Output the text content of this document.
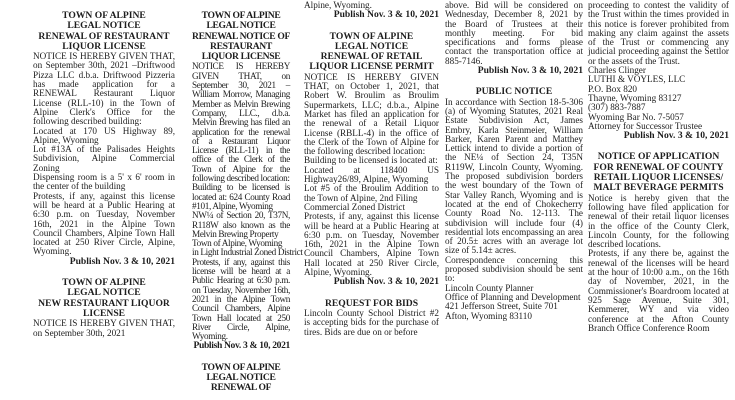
TOWN OF ALPINE
LEGAL NOTICE
RENEWAL OF RESTAURANT LIQUOR LICENSE
NOTICE IS HEREBY GIVEN THAT, on September 30th, 2021 –Driftwood Pizza LLC d.b.a. Driftwood Pizzeria has made application for a RENEWAL Restaurant Liquor License (RLL-10) in the Town of Alpine Clerk's Office for the following described building:
Located at 170 US Highway 89, Alpine, Wyoming
Lot #13A of the Palisades Heights Subdivision, Alpine Commercial Zoning
Dispensing room is a 5' x 6' room in the center of the building
Protests, if any, against this license will be heard at a Public Hearing at 6:30 p.m. on Tuesday, November 16th, 2021 in the Alpine Town Council Chambers, Alpine Town Hall located at 250 River Circle, Alpine, Wyoming.
Publish Nov. 3 & 10, 2021
TOWN OF ALPINE
LEGAL NOTICE
NEW RESTAURANT LIQUOR LICENSE
NOTICE IS HEREBY GIVEN THAT, on September 30th, 2021
TOWN OF ALPINE
LEGAL NOTICE
RENEWAL NOTICE OF RESTAURANT LIQUOR LICENSE
NOTICE IS HEREBY GIVEN THAT, on September 30, 2021 – William Morrow, Managing Member as Melvin Brewing Company, LLC., d.b.a. Melvin Brewing has filed an application for the renewal of a Restaurant Liquor License (RLL-11) in the office of the Clerk of the Town of Alpine for the following described location:
Building to be licensed is located at: 624 County Road #101, Alpine, Wyoming
NW¼ of Section 20, T37N, R118W also known as the Melvin Brewing Property
Town of Alpine, Wyoming
in Light Industrial Zoned District
Protests, if any, against this license will be heard at a Public Hearing at 6:30 p.m. on Tuesday, November 16th, 2021 in the Alpine Town Council Chambers, Alpine Town Hall located at 250 River Circle, Alpine, Wyoming.
Publish Nov. 3 & 10, 2021
TOWN OF ALPINE
LEGAL NOTICE
RENEWAL OF
Alpine, Wyoming.
Publish Nov. 3 & 10, 2021
TOWN OF ALPINE
LEGAL NOTICE
RENEWAL OF RETAIL LIQUOR LICENSE PERMIT
NOTICE IS HEREBY GIVEN THAT, on October 1, 2021, that Robert W. Broulim as Broulim Supermarkets, LLC; d.b.a., Alpine Market has filed an application for the renewal of a Retail Liquor License (RBLL-4) in the office of the Clerk of the Town of Alpine for the following described location:
Building to be licensed is located at:
Located at 118400 US Highway26/89, Alpine, Wyoming
Lot #5 of the Broulim Addition to the Town of Alpine, 2nd Filing
Commercial Zoned District
Protests, if any, against this license will be heard at a Public Hearing at 6:30 p.m. on Tuesday, November 16th, 2021 in the Alpine Town Council Chambers, Alpine Town Hall located at 250 River Circle, Alpine, Wyoming.
Publish Nov. 3 & 10, 2021
REQUEST FOR BIDS
Lincoln County School District #2 is accepting bids for the purchase of tires. Bids are due on or before
above. Bid will be considered on Wednesday, December 8, 2021 by the Board of Trustees at their monthly meeting. For bid specifications and forms please contact the transportation office at 885-7146.
Publish Nov. 3 & 10, 2021
PUBLIC NOTICE
In accordance with Section 18-5-306 (a) of Wyoming Statutes, 2021 Real Estate Subdivision Act, James Embry, Karla Steinmeier, William Barker, Karen Parent and Matthey Lettick intend to divide a portion of the NE¼ of Section 24, T35N R119W, Lincoln County, Wyoming. The proposed subdivision borders the west boundary of the Town of Star Valley Ranch, Wyoming and is located at the end of Chokecherry County Road No. 12-113. The subdivision will include four (4) residential lots encompassing an area of 20.5± acres with an average lot size of 5.14± acres.
Correspondence concerning this proposed subdivision should be sent to:
Lincoln County Planner
Office of Planning and Development
421 Jefferson Street, Suite 701
Afton, Wyoming 83110
proceeding to contest the validity of the Trust within the times provided in this notice is forever prohibited from making any claim against the assets of the Trust or commencing any judicial proceeding against the Settlor or the assets of the Trust.
Charles Clinger
LUTHI & VOYLES, LLC
P.O. Box 820
Thayne, Wyoming 83127
(307) 883-7887
Wyoming Bar No. 7-5057
Attorney for Successor Trustee
Publish Nov. 3 & 10, 2021
NOTICE OF APPLICATION FOR RENEWAL OF COUNTY RETAIL LIQUOR LICENSES/ MALT BEVERAGE PERMITS
Notice is hereby given that the following have filed application for renewal of their retail liquor licenses in the office of the County Clerk, Lincoln County, for the following described locations.
Protests, if any there be, against the renewal of the licenses will be heard at the hour of 10:00 a.m., on the 16th day of November, 2021, in the Commissioner's Boardroom located at 925 Sage Avenue, Suite 301, Kemmerer, WY and via video conference at the Afton County Branch Office Conference Room
